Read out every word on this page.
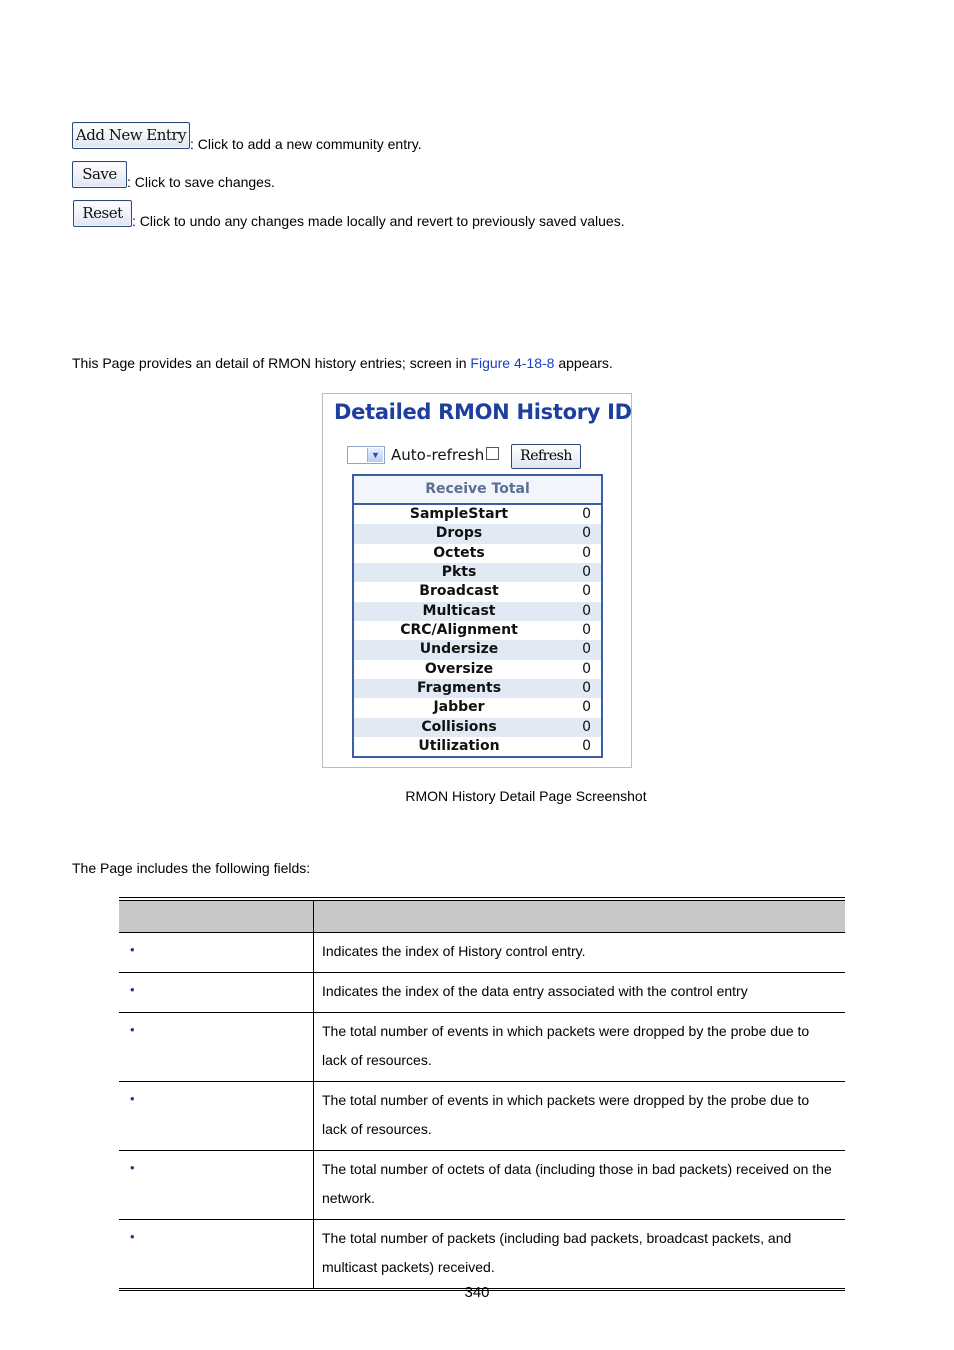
Add New Entry : Click to add a new community entry.
Save : Click to save changes.
Reset : Click to undo any changes made locally and revert to previously saved values.
This Page provides an detail of RMON history entries; screen in Figure 4-18-8 appears.
Detailed RMON History ID
▼ Auto-refresh	Refresh
Receive Total
SampleStart	0
Drops	0
Octets	0
Pkts	0
Broadcast	0
Multicast	0
CRC/Alignment	0
Undersize	0
Oversize	0
Fragments	0
Jabber	0
Collisions	0
Utilization	0
RMON History Detail Page Screenshot
The Page includes the following fields:
•	Indicates the index of History control entry.
•	Indicates the index of the data entry associated with the control entry
•	The total number of events in which packets were dropped by the probe due to lack of resources.
•	The total number of events in which packets were dropped by the probe due to lack of resources.
•	The total number of octets of data (including those in bad packets) received on the network.
•	The total number of packets (including bad packets, broadcast packets, and multicast packets) received.
340
